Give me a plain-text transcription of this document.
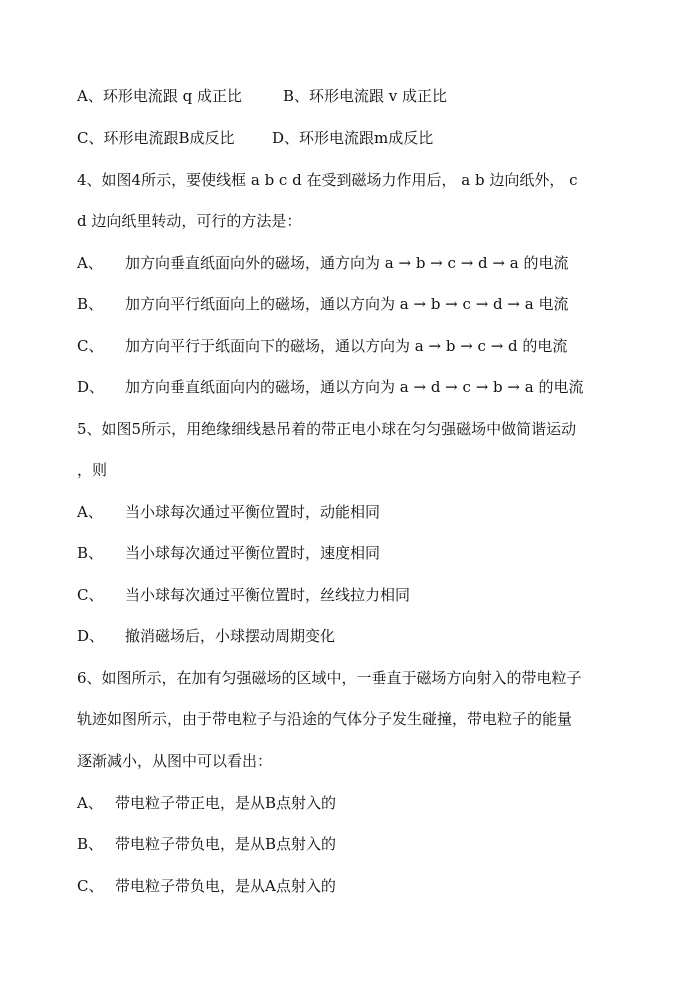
A、环形电流跟 q 成正比	B、环形电流跟 v 成正比
C、环形电流跟B成反比 D、环形电流跟m成反比
4、如图4所示，要使线框 a b c d 在受到磁场力作用后， a b 边向纸外， c
d 边向纸里转动，可行的方法是：
A、 加方向垂直纸面向外的磁场，通方向为 a → b → c → d → a 的电流
B、 加方向平行纸面向上的磁场，通以方向为 a → b → c → d → a 电流
C、 加方向平行于纸面向下的磁场，通以方向为 a → b → c → d 的电流
D、 加方向垂直纸面向内的磁场，通以方向为 a → d → c → b → a 的电流
5、如图5所示，用绝缘细线悬吊着的带正电小球在匀匀强磁场中做简谐运动
，则
A、 当小球每次通过平衡位置时，动能相同
B、 当小球每次通过平衡位置时，速度相同
C、 当小球每次通过平衡位置时，丝线拉力相同
D、 撤消磁场后，小球摆动周期变化
6、如图所示，在加有匀强磁场的区域中，一垂直于磁场方向射入的带电粒子
轨迹如图所示，由于带电粒子与沿途的气体分子发生碰撞，带电粒子的能量
逐渐减小，从图中可以看出：
A、 带电粒子带正电，是从B点射入的
B、 带电粒子带负电，是从B点射入的
C、 带电粒子带负电，是从A点射入的
